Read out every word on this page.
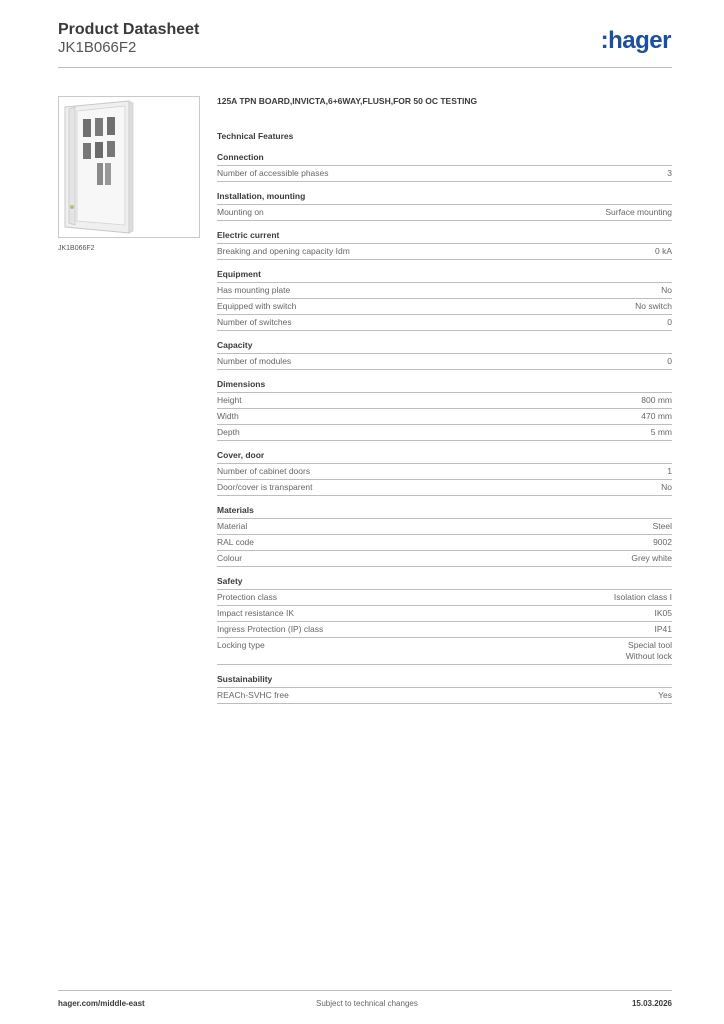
Product Datasheet
JK1B066F2	:hager
JK1B066F2
125A TPN BOARD,INVICTA,6+6WAY,FLUSH,FOR 50 OC TESTING
Technical Features
Connection
Number of accessible phases	3
Installation, mounting
Mounting on	Surface mounting
Electric current
Breaking and opening capacity Idm	0 kA
Equipment
Has mounting plate	No
Equipped with switch	No switch
Number of switches	0
Capacity
Number of modules	0
Dimensions
Height	800 mm
Width	470 mm
Depth	5 mm
Cover, door
Number of cabinet doors	1
Door/cover is transparent	No
Materials
Material	Steel
RAL code	9002
Colour	Grey white
Safety
Protection class	Isolation class I
Impact resistance IK	IK05
Ingress Protection (IP) class	IP41
Locking type	Special tool
Without lock
Sustainability
REACh-SVHC free	Yes
hager.com/middle-east	Subject to technical changes	15.03.2026
